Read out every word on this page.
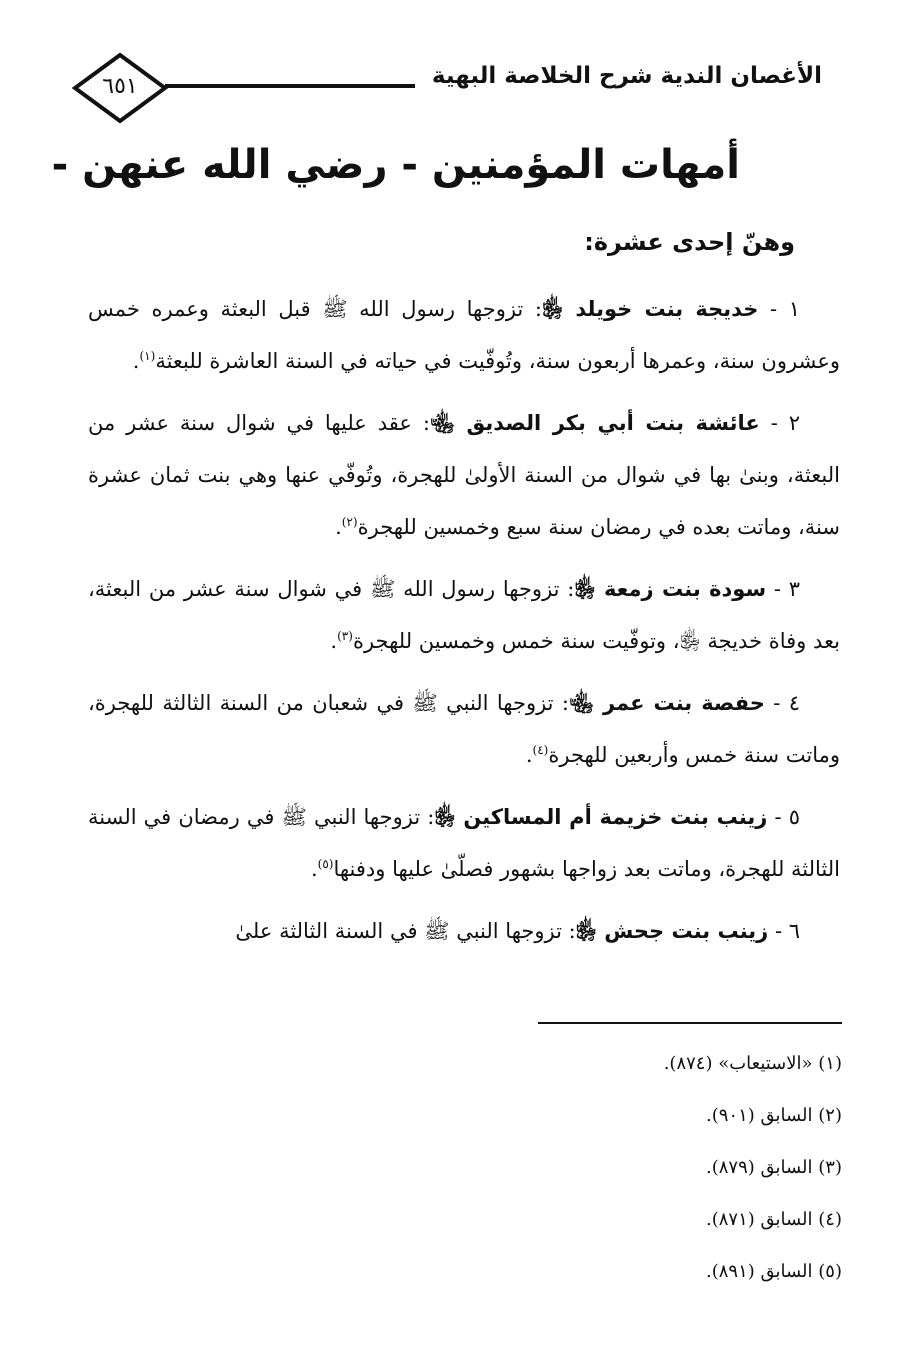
الأغصان الندية شرح الخلاصة البهية
٦٥١
أمهات المؤمنين - رضي الله عنهن -
وهنّ إحدى عشرة:

١ - خديجة بنت خويلد ﵂: تزوجها رسول الله ﷺ قبل البعثة وعمره خمس وعشرون سنة، وعمرها أربعون سنة، وتُوفّيت في حياته في السنة العاشرة للبعثة$^{(١)}$.

٢ - عائشة بنت أبي بكر الصديق ﵄: عقد عليها في شوال سنة عشر من البعثة، وبنىٰ بها في شوال من السنة الأولىٰ للهجرة، وتُوفّي عنها وهي بنت ثمان عشرة سنة، وماتت بعده في رمضان سنة سبع وخمسين للهجرة$^{(٢)}$.

٣ - سودة بنت زمعة ﵂: تزوجها رسول الله ﷺ في شوال سنة عشر من البعثة، بعد وفاة خديجة ﵂، وتوفّيت سنة خمس وخمسين للهجرة$^{(٣)}$.

٤ - حفصة بنت عمر ﵄: تزوجها النبي ﷺ في شعبان من السنة الثالثة للهجرة، وماتت سنة خمس وأربعين للهجرة$^{(٤)}$.

٥ - زينب بنت خزيمة أم المساكين ﵂: تزوجها النبي ﷺ في رمضان في السنة الثالثة للهجرة، وماتت بعد زواجها بشهور فصلّىٰ عليها ودفنها$^{(٥)}$.

٦ - زينب بنت جحش ﵂: تزوجها النبي ﷺ في السنة الثالثة علىٰ

(١) «الاستيعاب» (٨٧٤).

(٢) السابق (٩٠١).

(٣) السابق (٨٧٩).

(٤) السابق (٨٧١).

(٥) السابق (٨٩١).
